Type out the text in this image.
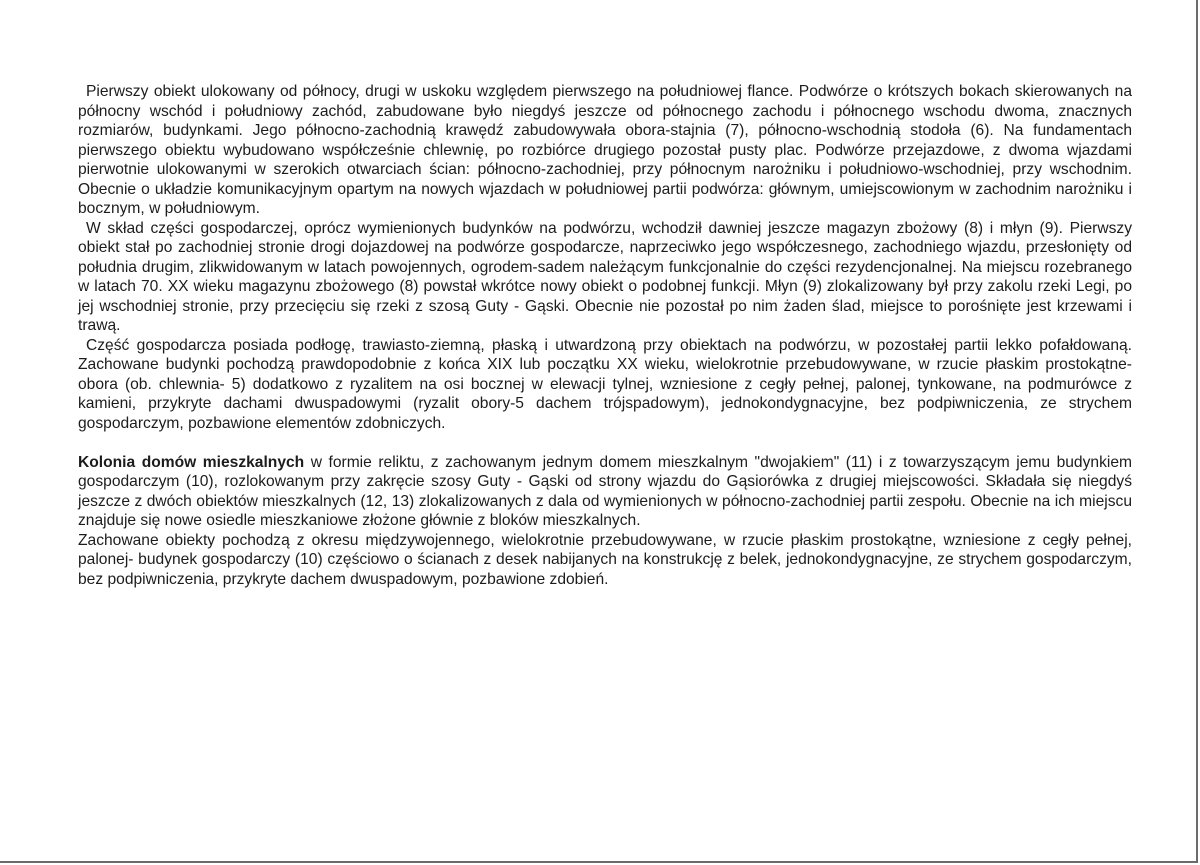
Pierwszy obiekt ulokowany od północy, drugi w uskoku względem pierwszego na południowej flance. Podwórze o krótszych bokach skierowanych na północny wschód i południowy zachód, zabudowane było niegdyś jeszcze od północnego zachodu i północnego wschodu dwoma, znacznych rozmiarów, budynkami. Jego północno-zachodnią krawędź zabudowywała obora-stajnia (7), północno-wschodnią stodoła (6). Na fundamentach pierwszego obiektu wybudowano współcześnie chlewnię, po rozbiórce drugiego pozostał pusty plac. Podwórze przejazdowe, z dwoma wjazdami pierwotnie ulokowanymi w szerokich otwarciach ścian: północno-zachodniej, przy północnym narożniku i południowo-wschodniej, przy wschodnim. Obecnie o układzie komunikacyjnym opartym na nowych wjazdach w południowej partii podwórza: głównym, umiejscowionym w zachodnim narożniku i bocznym, w południowym.

W skład części gospodarczej, oprócz wymienionych budynków na podwórzu, wchodził dawniej jeszcze magazyn zbożowy (8) i młyn (9). Pierwszy obiekt stał po zachodniej stronie drogi dojazdowej na podwórze gospodarcze, naprzeciwko jego współczesnego, zachodniego wjazdu, przesłonięty od południa drugim, zlikwidowanym w latach powojennych, ogrodem-sadem należącym funkcjonalnie do części rezydencjonalnej. Na miejscu rozebranego w latach 70. XX wieku magazynu zbożowego (8) powstał wkrótce nowy obiekt o podobnej funkcji. Młyn (9) zlokalizowany był przy zakolu rzeki Legi, po jej wschodniej stronie, przy przecięciu się rzeki z szosą Guty - Gąski. Obecnie nie pozostał po nim żaden ślad, miejsce to porośnięte jest krzewami i trawą.

Część gospodarcza posiada podłogę, trawiasto-ziemną, płaską i utwardzoną przy obiektach na podwórzu, w pozostałej partii lekko pofałdowaną. Zachowane budynki pochodzą prawdopodobnie z końca XIX lub początku XX wieku, wielokrotnie przebudowywane, w rzucie płaskim prostokątne- obora (ob. chlewnia- 5) dodatkowo z ryzalitem na osi bocznej w elewacji tylnej, wzniesione z cegły pełnej, palonej, tynkowane, na podmurówce z kamieni, przykryte dachami dwuspadowymi (ryzalit obory-5 dachem trójspadowym), jednokondygnacyjne, bez podpiwniczenia, ze strychem gospodarczym, pozbawione elementów zdobniczych.

Kolonia domów mieszkalnych w formie reliktu, z zachowanym jednym domem mieszkalnym "dwojakiem" (11) i z towarzyszącym jemu budynkiem gospodarczym (10), rozlokowanym przy zakręcie szosy Guty - Gąski od strony wjazdu do Gąsiorówka z drugiej miejscowości. Składała się niegdyś jeszcze z dwóch obiektów mieszkalnych (12, 13) zlokalizowanych z dala od wymienionych w północno-zachodniej partii zespołu. Obecnie na ich miejscu znajduje się nowe osiedle mieszkaniowe złożone głównie z bloków mieszkalnych.

Zachowane obiekty pochodzą z okresu międzywojennego, wielokrotnie przebudowywane, w rzucie płaskim prostokątne, wzniesione z cegły pełnej, palonej- budynek gospodarczy (10) częściowo o ścianach z desek nabijanych na konstrukcję z belek, jednokondygnacyjne, ze strychem gospodarczym, bez podpiwniczenia, przykryte dachem dwuspadowym, pozbawione zdobień.
